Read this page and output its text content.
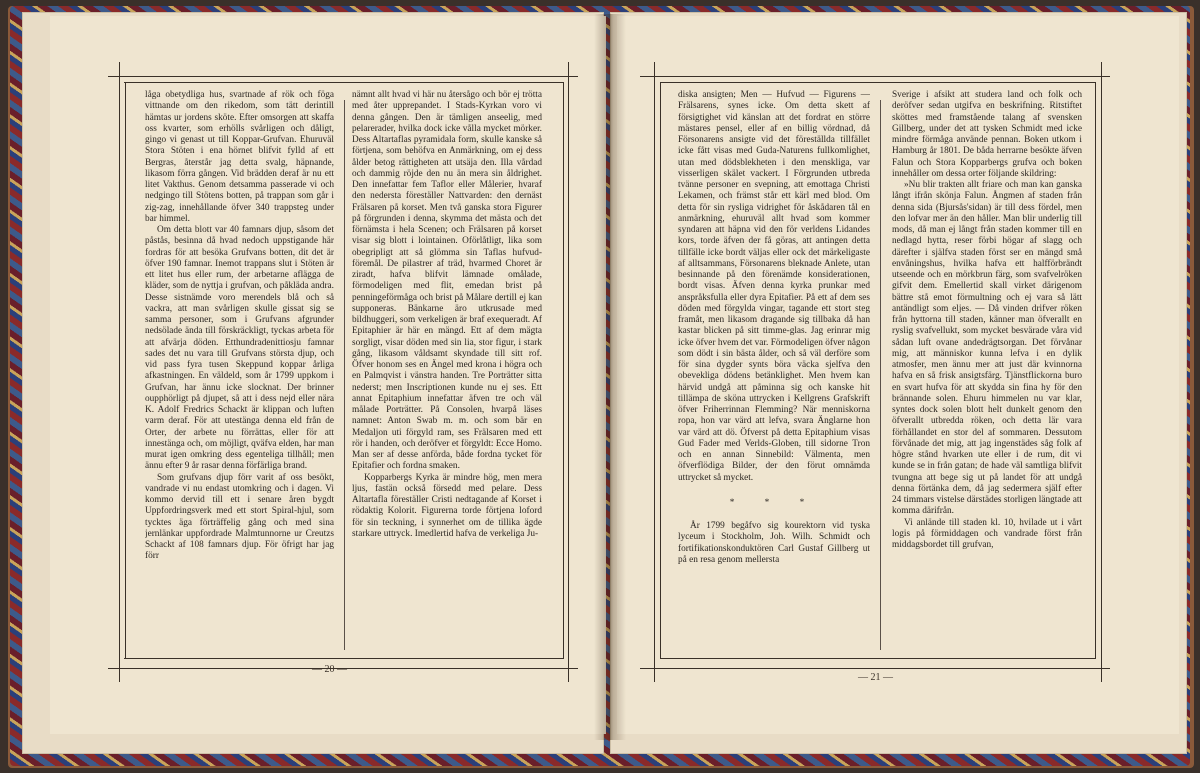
låga obetydliga hus, svartnade af rök och föga vittnande om den rikedom, som tätt derintill hämtas ur jordens sköte. Efter omsorgen att skaffa oss kvarter, som erhölls svårligen och dåligt, gingo vi genast ut till Koppar-Grufvan. Ehuruväl Stora Stöten i ena hörnet blifvit fylld af ett Bergras, återstår jag detta svalg, häpnande, likasom förra gången. Vid brädden deraf är nu ett litet Vakthus. Genom detsamma passerade vi och nedgingo till Stötens botten, på trappan som går i zig-zag, innehållande öfver 340 trappsteg under bar himmel.

Om detta blott var 40 famnars djup, såsom det påstås, besinna då hvad nedoch uppstigande här fordras för att besöka Grufvans botten, dit det är öfver 190 famnar. Inemot trappans slut i Stöten är ett litet hus eller rum, der arbetarne aflägga de kläder, som de nyttja i grufvan, och påkläda andra. Desse sistnämde voro merendels blå och så vackra, att man svårligen skulle gissat sig se samma personer, som i Grufvans afgrunder nedsölade ända till förskräckligt, tyckas arbeta för att afvärja döden. Etthundradenittiosju famnar sades det nu vara till Grufvans största djup, och vid pass fyra tusen Skeppund koppar årliga afkastningen. En väldeld, som år 1799 uppkom i Grufvan, har ännu icke slocknat. Der brinner oupphörligt på djupet, så att i dess nejd eller nära K. Adolf Fredrics Schackt är klippan och luften varm deraf. För att utestänga denna eld från de Orter, der arbete nu förrättas, eller för att innestänga och, om möjligt, qväfva elden, har man murat igen omkring dess egenteliga tillhåll; men ännu efter 9 år rasar denna förfärliga brand.

Som grufvans djup förr varit af oss besökt, vandrade vi nu endast utomkring och i dagen. Vi kommo dervid till ett i senare åren bygdt Uppfordringsverk med ett stort Spiral-hjul, som tycktes äga förträffelig gång och med sina jernlänkar uppfordrade Malmtunnorne ur Creutzs Schackt af 108 famnars djup. För öfrigt har jag förr

nämnt allt hvad vi här nu återsågo och bör ej trötta med åter upprepandet. I Stads-Kyrkan voro vi denna gången. Den är tämligen anseelig, med pelarerader, hvilka dock icke vålla mycket mörker. Dess Altartaflas pyramidala form, skulle kanske så förtjena, som behöfva en Anmärkning, om ej dess ålder betog rättigheten att utsäja den. Illa vårdad och dammig röjde den nu än mera sin åldrighet. Den innefattar fem Taflor eller Målerier, hvaraf den nedersta föreställer Nattvarden: den dernäst Frälsaren på korset. Men två ganska stora Figurer på förgrunden i denna, skymma det mästa och det förnämsta i hela Scenen; och Frälsaren på korset visar sig blott i lointainen. Oförlåtligt, lika som obegripligt att så glömma sin Taflas hufvud-föremål. De pilastrer af träd, hvarmed Choret är ziradt, hafva blifvit lämnade omålade, förmodeligen med flit, emedan brist på penningeförmåga och brist på Målare dertill ej kan supponeras. Bänkarne äro utkrusade med bildhuggeri, som verkeligen är braf exequeradt. Af Epitaphier är här en mängd. Ett af dem mägta sorgligt, visar döden med sin lia, stor figur, i stark gång, likasom våldsamt skyndade till sitt rof. Öfver honom ses en Ängel med krona i högra och en Palmqvist i vänstra handen. Tre Porträtter sitta nederst; men Inscriptionen kunde nu ej ses. Ett annat Epitaphium innefattar äfven tre och väl målade Porträtter. På Consolen, hvarpå läses namnet: Anton Swab m. m. och som bär en Medaljon uti förgyld ram, ses Frälsaren med ett rör i handen, och deröfver et förgyldt: Ecce Homo. Man ser af desse anförda, både fordna tycket för Epitafier och fordna smaken.

Kopparbergs Kyrka är mindre hög, men mera ljus, fastän också försedd med pelare. Dess Altartafla föreställer Cristi nedtagande af Korset i rödaktig Kolorit. Figurerna torde förtjena loford för sin teckning, i synnerhet om de tillika ägde starkare uttryck. Imedlertid hafva de verkeliga Ju-

— 20 —

diska ansigten; Men — Hufvud — Figurens — Frälsarens, synes icke. Om detta skett af försigtighet vid känslan att det fordrat en större mästares pensel, eller af en billig vördnad, då Försonarens ansigte vid det föreställda tillfället icke fått visas med Guda-Naturens fullkomlighet, utan med dödsblekheten i den menskliga, var visserligen skälet vackert. I Förgrunden utbreda tvänne personer en svepning, att emottaga Christi Lekamen, och främst står ett kärl med blod. Om detta för sin rysliga vidrighet för åskådaren tål en anmärkning, ehuruväl allt hvad som kommer syndaren att häpna vid den för verldens Lidandes kors, torde äfven der få göras, att antingen detta tillfälle icke bordt väljas eller ock det märkeligaste af alltsammans, Försonarens bleknade Anlete, utan besinnande på den förenämde konsiderationen, bordt visas. Äfven denna kyrka prunkar med anspråksfulla eller dyra Epitafier. På ett af dem ses döden med förgylda vingar, tagande ett stort steg framåt, men likasom dragande sig tillbaka då han kastar blicken på sitt timme-glas. Jag erinrar mig icke öfver hvem det var. Förmodeligen öfver någon som dödt i sin bästa ålder, och så väl derföre som för sina dygder synts böra väcka sjelfva den obevekliga dödens betänklighet. Men hvem kan härvid undgå att påminna sig och kanske hit tillämpa de sköna uttrycken i Kellgrens Grafskrift öfver Friherrinnan Flemming? När menniskorna ropa, hon var värd att lefva, svara Änglarne hon var värd att dö. Öfverst på detta Epitaphium visas Gud Fader med Verlds-Globen, till sidorne Tron och en annan Sinnebild: Välmenta, men öfverflödiga Bilder, der den förut omnämda uttrycket så mycket.

* * *

År 1799 begåfvo sig kourektorn vid tyska lyceum i Stockholm, Joh. Wilh. Schmidt och fortifikationskonduktören Carl Gustaf Gillberg ut på en resa genom mellersta

Sverige i afsikt att studera land och folk och deröfver sedan utgifva en beskrifning. Ritstiftet sköttes med framstående talang af svensken Gillberg, under det att tysken Schmidt med icke mindre förmåga använde pennan. Boken utkom i Hamburg år 1801. De båda herrarne besökte äfven Falun och Stora Kopparbergs grufva och boken innehåller om dessa orter följande skildring:

»Nu blir trakten allt friare och man kan ganska långt ifrån skönja Falun. Ångmen af staden från denna sida (Bjursås'sidan) är till dess fördel, men den lofvar mer än den håller. Man blir underlig till mods, då man ej långt från staden kommer till en nedlagd hytta, reser förbi högar af slagg och därefter i själfva staden först ser en mängd små envåningshus, hvilka hafva ett halfförbrändt utseende och en mörkbrun färg, som svafvelröken gifvit dem. Emellertid skall virket därigenom bättre stå emot förmultning och ej vara så lätt antändligt som eljes. — Då vinden drifver röken från hyttorna till staden, känner man öfverallt en ryslig svafvellukt, som mycket besvärade våra vid sådan luft ovane andedrägtsorgan. Det förvånar mig, att människor kunna lefva i en dylik atmosfer, men ännu mer att just där kvinnorna hafva en så frisk ansigtsfärg. Tjänstflickorna buro en svart hufva för att skydda sin fina hy för den brännande solen. Ehuru himmelen nu var klar, syntes dock solen blott helt dunkelt genom den öfverallt utbredda röken, och detta lär vara förhållandet en stor del af sommaren. Dessutom förvånade det mig, att jag ingenstädes såg folk af högre stånd hvarken ute eller i de rum, dit vi kunde se in från gatan; de hade väl samtliga blifvit tvungna att bege sig ut på landet för att undgå denna förtänka dem, då jag sedermera själf efter 24 timmars vistelse därstädes storligen längtade att komma därifrån.

Vi anlände till staden kl. 10, hvilade ut i vårt logis på förmiddagen och vandrade först från middagsbordet till grufvan,

— 21 —
